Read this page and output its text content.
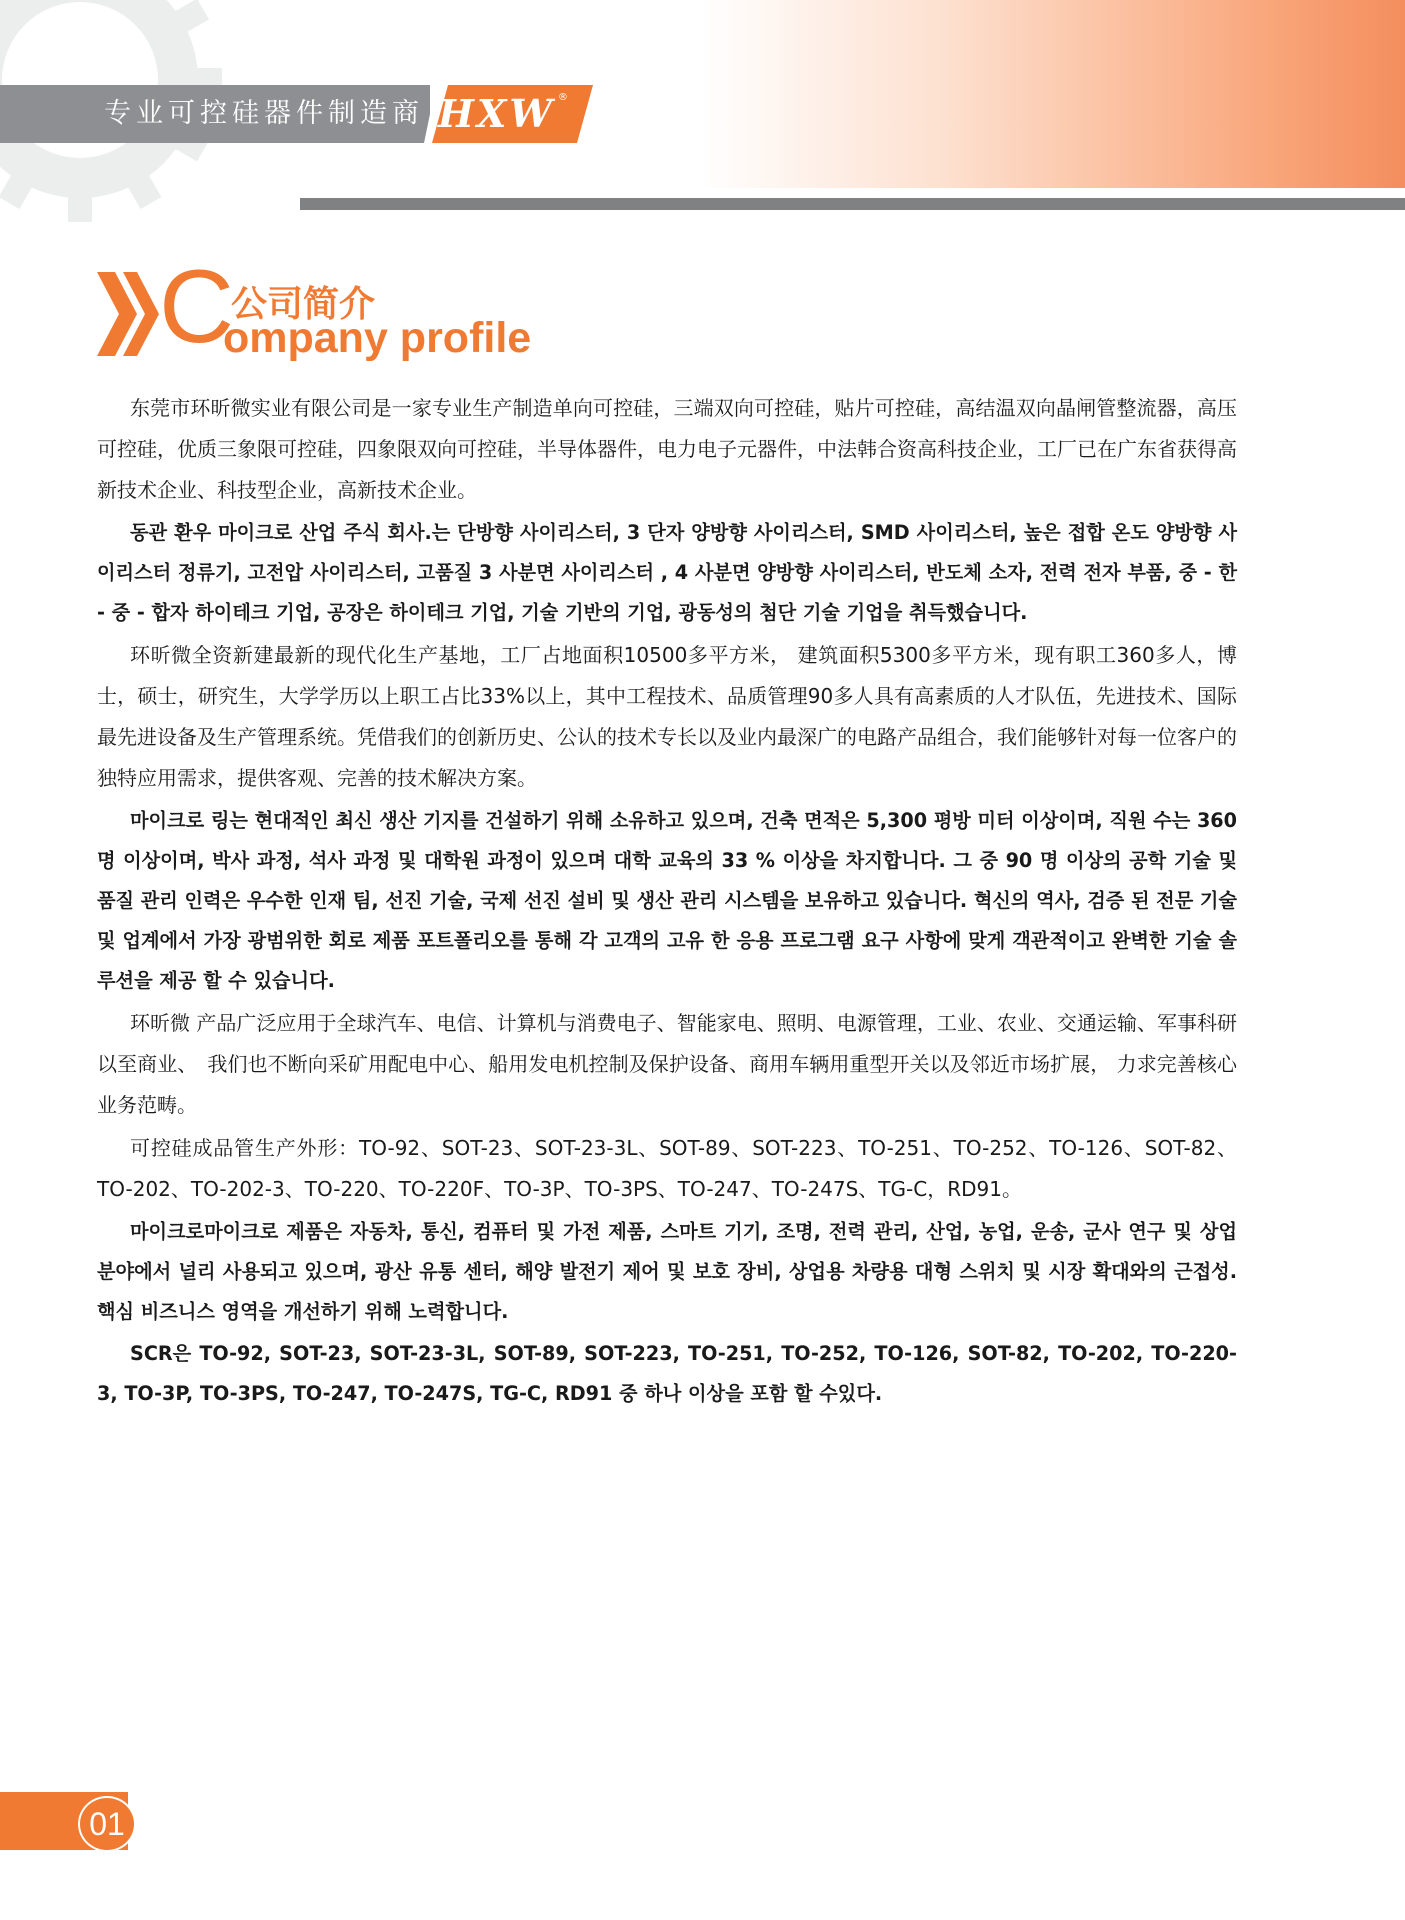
专业可控硅器件制造商 HXW ®
C
公司简介
ompany profile

东莞市环昕微实业有限公司是一家专业生产制造单向可控硅，三端双向可控硅，贴片可控硅，高结温双向晶闸管整流器，高压可控硅，优质三象限可控硅，四象限双向可控硅，半导体器件，电力电子元器件，中法韩合资高科技企业，工厂已在广东省获得高新技术企业、科技型企业，高新技术企业。

동관 환우 마이크로 산업 주식 회사.는 단방향 사이리스터, 3 단자 양방향 사이리스터, SMD 사이리스터, 높은 접합 온도 양방향 사이리스터 정류기, 고전압 사이리스터, 고품질 3 사분면 사이리스터 , 4 사분면 양방향 사이리스터, 반도체 소자, 전력 전자 부품, 중 - 한 - 중 - 합자 하이테크 기업, 공장은 하이테크 기업, 기술 기반의 기업, 광동성의 첨단 기술 기업을 취득했습니다.

环昕微全资新建最新的现代化生产基地，工厂占地面积10500多平方米， 建筑面积5300多平方米，现有职工360多人，博士，硕士，研究生，大学学历以上职工占比33%以上，其中工程技术、品质管理90多人具有高素质的人才队伍，先进技术、国际最先进设备及生产管理系统。凭借我们的创新历史、公认的技术专长以及业内最深广的电路产品组合，我们能够针对每一位客户的独特应用需求，提供客观、完善的技术解决方案。

마이크로 링는 현대적인 최신 생산 기지를 건설하기 위해 소유하고 있으며, 건축 면적은 5,300 평방 미터 이상이며, 직원 수는 360 명 이상이며, 박사 과정, 석사 과정 및 대학원 과정이 있으며 대학 교육의 33 % 이상을 차지합니다. 그 중 90 명 이상의 공학 기술 및 품질 관리 인력은 우수한 인재 팀, 선진 기술, 국제 선진 설비 및 생산 관리 시스템을 보유하고 있습니다. 혁신의 역사, 검증 된 전문 기술 및 업계에서 가장 광범위한 회로 제품 포트폴리오를 통해 각 고객의 고유 한 응용 프로그램 요구 사항에 맞게 객관적이고 완벽한 기술 솔루션을 제공 할 수 있습니다.

环昕微 产品广泛应用于全球汽车、电信、计算机与消费电子、智能家电、照明、电源管理，工业、农业、交通运输、军事科研以至商业、　我们也不断向采矿用配电中心、船用发电机控制及保护设备、商用车辆用重型开关以及邻近市场扩展， 力求完善核心业务范畴。

可控硅成品管生产外形：TO-92、SOT-23、SOT-23-3L、SOT-89、SOT-223、TO-251、TO-252、TO-126、SOT-82、TO-202、TO-202-3、TO-220、TO-220F、TO-3P、TO-3PS、TO-247、TO-247S、TG-C，RD91。

마이크로마이크로 제품은 자동차, 통신, 컴퓨터 및 가전 제품, 스마트 기기, 조명, 전력 관리, 산업, 농업, 운송, 군사 연구 및 상업 분야에서 널리 사용되고 있으며, 광산 유통 센터, 해양 발전기 제어 및 보호 장비, 상업용 차량용 대형 스위치 및 시장 확대와의 근접성. 핵심 비즈니스 영역을 개선하기 위해 노력합니다.

SCR은 TO-92, SOT-23, SOT-23-3L, SOT-89, SOT-223, TO-251, TO-252, TO-126, SOT-82, TO-202, TO-220-3, TO-3P, TO-3PS, TO-247, TO-247S, TG-C, RD91 중 하나 이상을 포함 할 수있다.

01
